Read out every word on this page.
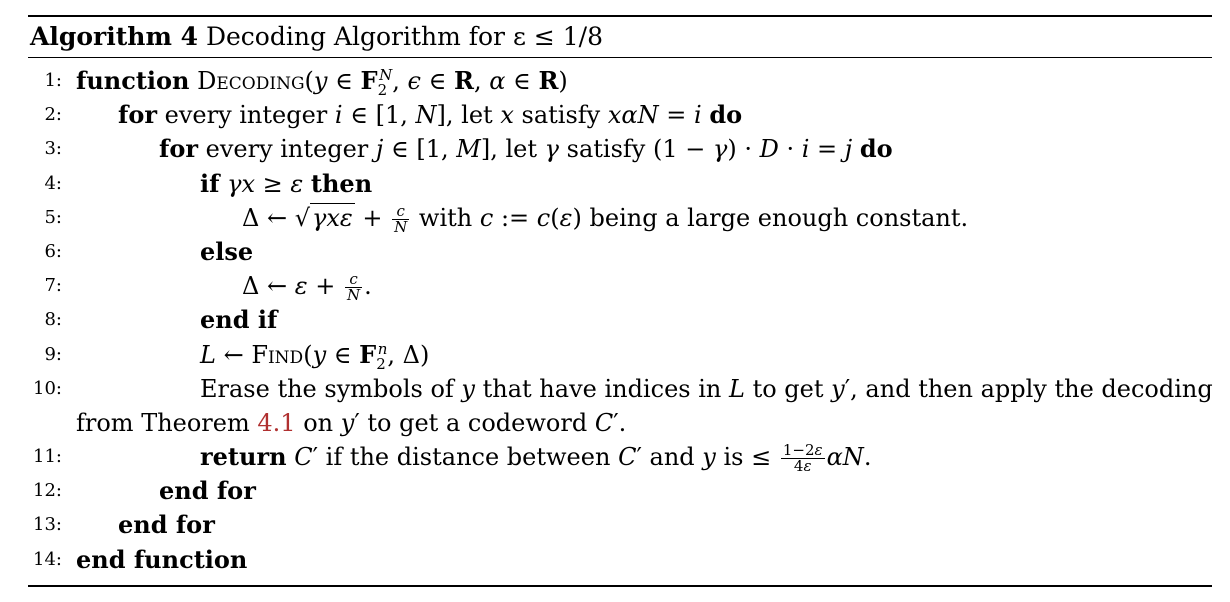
Algorithm 4 Decoding Algorithm for ε ≤ 1/8
1: function Decoding(y ∈ $F_2^N$, ϵ ∈ R, α ∈ R)
2: for every integer i ∈ [1, N], let x satisfy xαN = i do
3:	for every integer j ∈ [1, M], let γ satisfy (1 − γ) · D · i = j do
4:	if γx ≥ ε then
5:	Δ ← $√\gamma x\varepsilon + \frac{c}{N}$ with c := c(ε) being a large enough constant.
6:	else
7:	Δ ← $\varepsilon + \frac{c}{N}$ .
8:	end if
9:	L ← Find(y ∈ $F_2^n$, Δ)
10:	Erase the symbols of y that have indices in L to get y′, and then apply the decoding
from Theorem 4.1 on y′ to get a codeword C′.
11:	return C′ if the distance between C′ and y is ≤ $\frac{1-2\varepsilon}{4\varepsilon} \alpha N$.
12:	end for
13: end for
14: end function
